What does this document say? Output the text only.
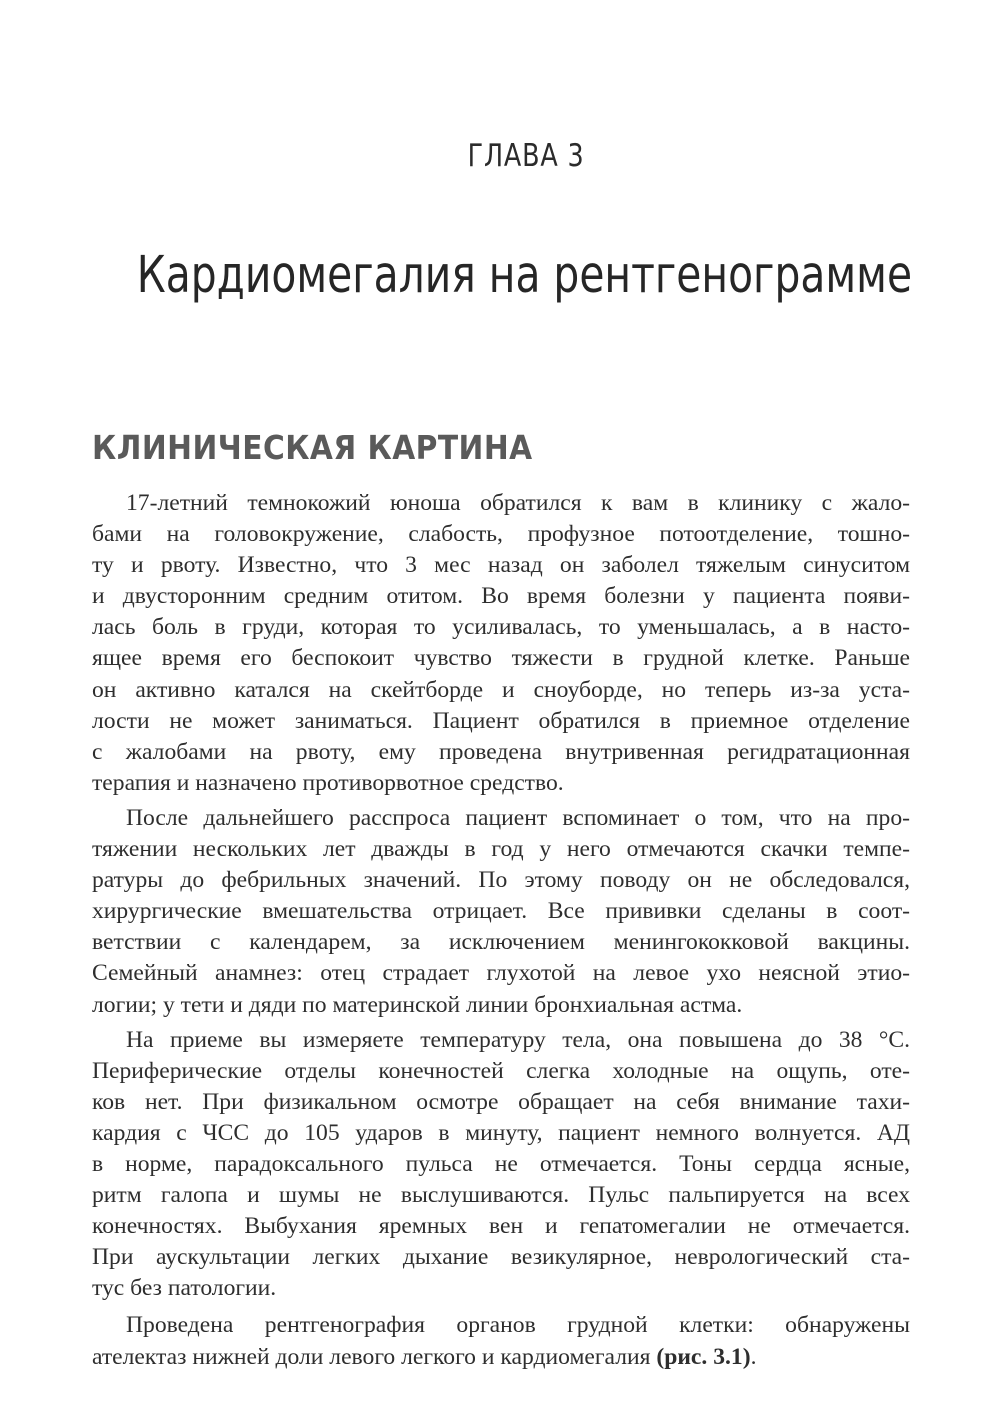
ГЛАВА 3
Кардиомегалия на рентгенограмме
КЛИНИЧЕСКАЯ КАРТИНА
17-летний темнокожий юноша обратился к вам в клинику с жало-
бами на головокружение, слабость, профузное потоотделение, тошно-
ту и рвоту. Известно, что 3 мес назад он заболел тяжелым синуситом
и двусторонним средним отитом. Во время болезни у пациента появи-
лась боль в груди, которая то усиливалась, то уменьшалась, а в насто-
ящее время его беспокоит чувство тяжести в грудной клетке. Раньше
он активно катался на скейтборде и сноуборде, но теперь из-за уста-
лости не может заниматься. Пациент обратился в приемное отделение
с жалобами на рвоту, ему проведена внутривенная регидратационная
терапия и назначено противорвотное средство.
После дальнейшего расспроса пациент вспоминает о том, что на про-
тяжении нескольких лет дважды в год у него отмечаются скачки темпе-
ратуры до фебрильных значений. По этому поводу он не обследовался,
хирургические вмешательства отрицает. Все прививки сделаны в соот-
ветствии с календарем, за исключением менингококковой вакцины.
Семейный анамнез: отец страдает глухотой на левое ухо неясной этио-
логии; у тети и дяди по материнской линии бронхиальная астма.
На приеме вы измеряете температуру тела, она повышена до 38 °С.
Периферические отделы конечностей слегка холодные на ощупь, оте-
ков нет. При физикальном осмотре обращает на себя внимание тахи-
кардия с ЧСС до 105 ударов в минуту, пациент немного волнуется. АД
в норме, парадоксального пульса не отмечается. Тоны сердца ясные,
ритм галопа и шумы не выслушиваются. Пульс пальпируется на всех
конечностях. Выбухания яремных вен и гепатомегалии не отмечается.
При аускультации легких дыхание везикулярное, неврологический ста-
тус без патологии.
Проведена рентгенография органов грудной клетки: обнаружены
ателектаз нижней доли левого легкого и кардиомегалия (рис. 3.1).
